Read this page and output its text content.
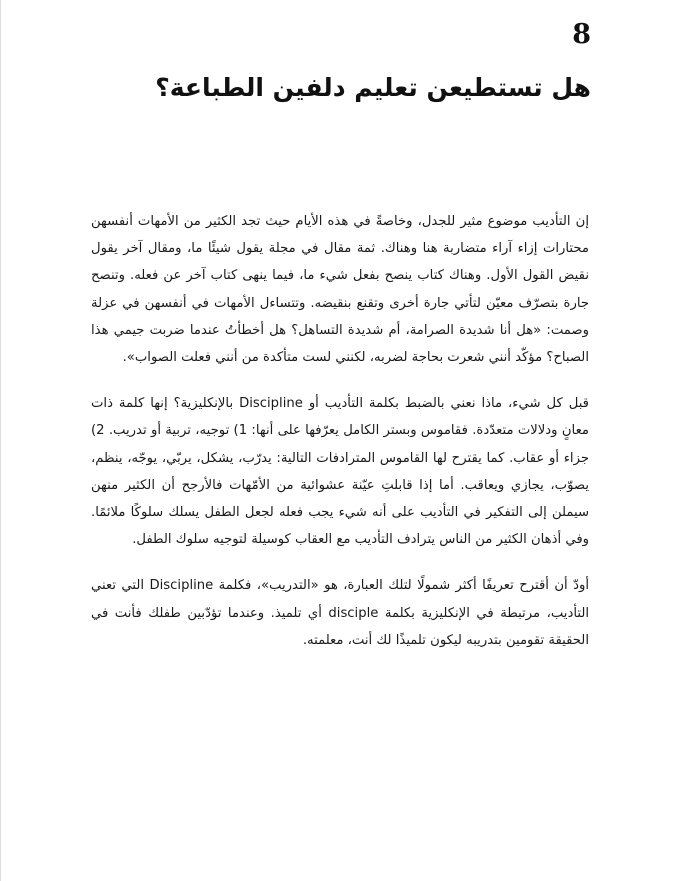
8
هل تستطيعن تعليم دلفين الطباعة؟

إن التأديب موضوع مثير للجدل، وخاصةً في هذه الأيام حيث تجد الكثير من الأمهات أنفسهن محتارات إزاء آراء متضاربة هنا وهناك. ثمة مقال في مجلة يقول شيئًا ما، ومقال آخر يقول نقيض القول الأول. وهناك كتاب ينصح بفعل شيء ما، فيما ينهى كتاب آخر عن فعله. وتنصح جارة بتصرّف معيّن لتأتي جارة أخرى وتقنع بنقيضه. وتتساءل الأمهات في أنفسهن في عزلة وصمت: «هل أنا شديدة الصرامة، أم شديدة التساهل؟ هل أخطأتُ عندما ضربت جيمي هذا الصباح؟ مؤكّد أنني شعرت بحاجة لضربه، لكنني لست متأكدة من أنني فعلت الصواب».

قبل كل شيء، ماذا نعني بالضبط بكلمة التأديب أو Discipline بالإنكليزية؟ إنها كلمة ذات معانٍ ودلالات متعدّدة. فقاموس وبستر الكامل يعرّفها على أنها: 1) توجيه، تربية أو تدريب. 2) جزاء أو عقاب. كما يقترح لها القاموس المترادفات التالية: يدرّب، يشكل، يربّي، يوجّه، ينظم، يصوّب، يجازي ويعاقب. أما إذا قابلتِ عيّنة عشوائية من الأمّهات فالأرجح أن الكثير منهن سيملن إلى التفكير في التأديب على أنه شيء يجب فعله لجعل الطفل يسلك سلوكًا ملائمًا. وفي أذهان الكثير من الناس يترادف التأديب مع العقاب كوسيلة لتوجيه سلوك الطفل.

أودّ أن أقترح تعريفًا أكثر شمولًا لتلك العبارة، هو «التدريب»، فكلمة Discipline التي تعني التأديب، مرتبطة في الإنكليزية بكلمة disciple أي تلميذ. وعندما تؤدّبين طفلك فأنت في الحقيقة تقومين بتدريبه ليكون تلميذًا لك أنت، معلمته.
